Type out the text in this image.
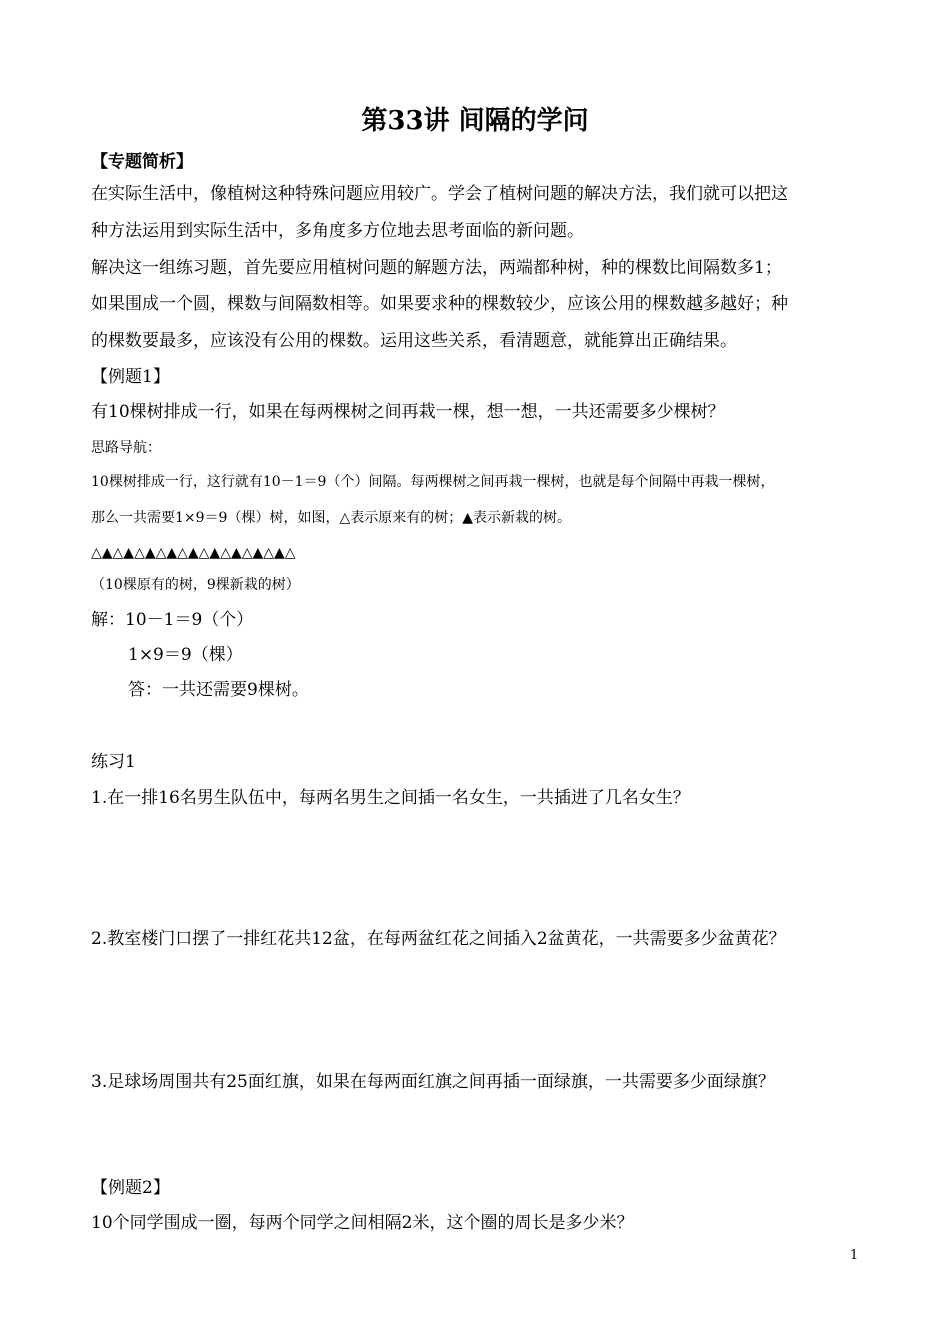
第33讲 间隔的学问
【专题简析】
在实际生活中，像植树这种特殊问题应用较广。学会了植树问题的解决方法，我们就可以把这
种方法运用到实际生活中，多角度多方位地去思考面临的新问题。
解决这一组练习题，首先要应用植树问题的解题方法，两端都种树，种的棵数比间隔数多1；
如果围成一个圆，棵数与间隔数相等。如果要求种的棵数较少，应该公用的棵数越多越好；种
的棵数要最多，应该没有公用的棵数。运用这些关系，看清题意，就能算出正确结果。
【例题1】
有10棵树排成一行，如果在每两棵树之间再栽一棵，想一想，一共还需要多少棵树？
思路导航：
10棵树排成一行，这行就有10－1＝9（个）间隔。每两棵树之间再栽一棵树，也就是每个间隔中再栽一棵树，
那么一共需要1×9＝9（棵）树，如图，△表示原来有的树；▲表示新栽的树。
△▲△▲△▲△▲△▲△▲△▲△▲△▲△
（10棵原有的树，9棵新栽的树）
解：10－1＝9（个）
1×9＝9（棵）
答：一共还需要9棵树。
练习1
1.在一排16名男生队伍中，每两名男生之间插一名女生，一共插进了几名女生？
2.教室楼门口摆了一排红花共12盆，在每两盆红花之间插入2盆黄花，一共需要多少盆黄花？
3.足球场周围共有25面红旗，如果在每两面红旗之间再插一面绿旗，一共需要多少面绿旗？
【例题2】
10个同学围成一圈，每两个同学之间相隔2米，这个圈的周长是多少米？
1
